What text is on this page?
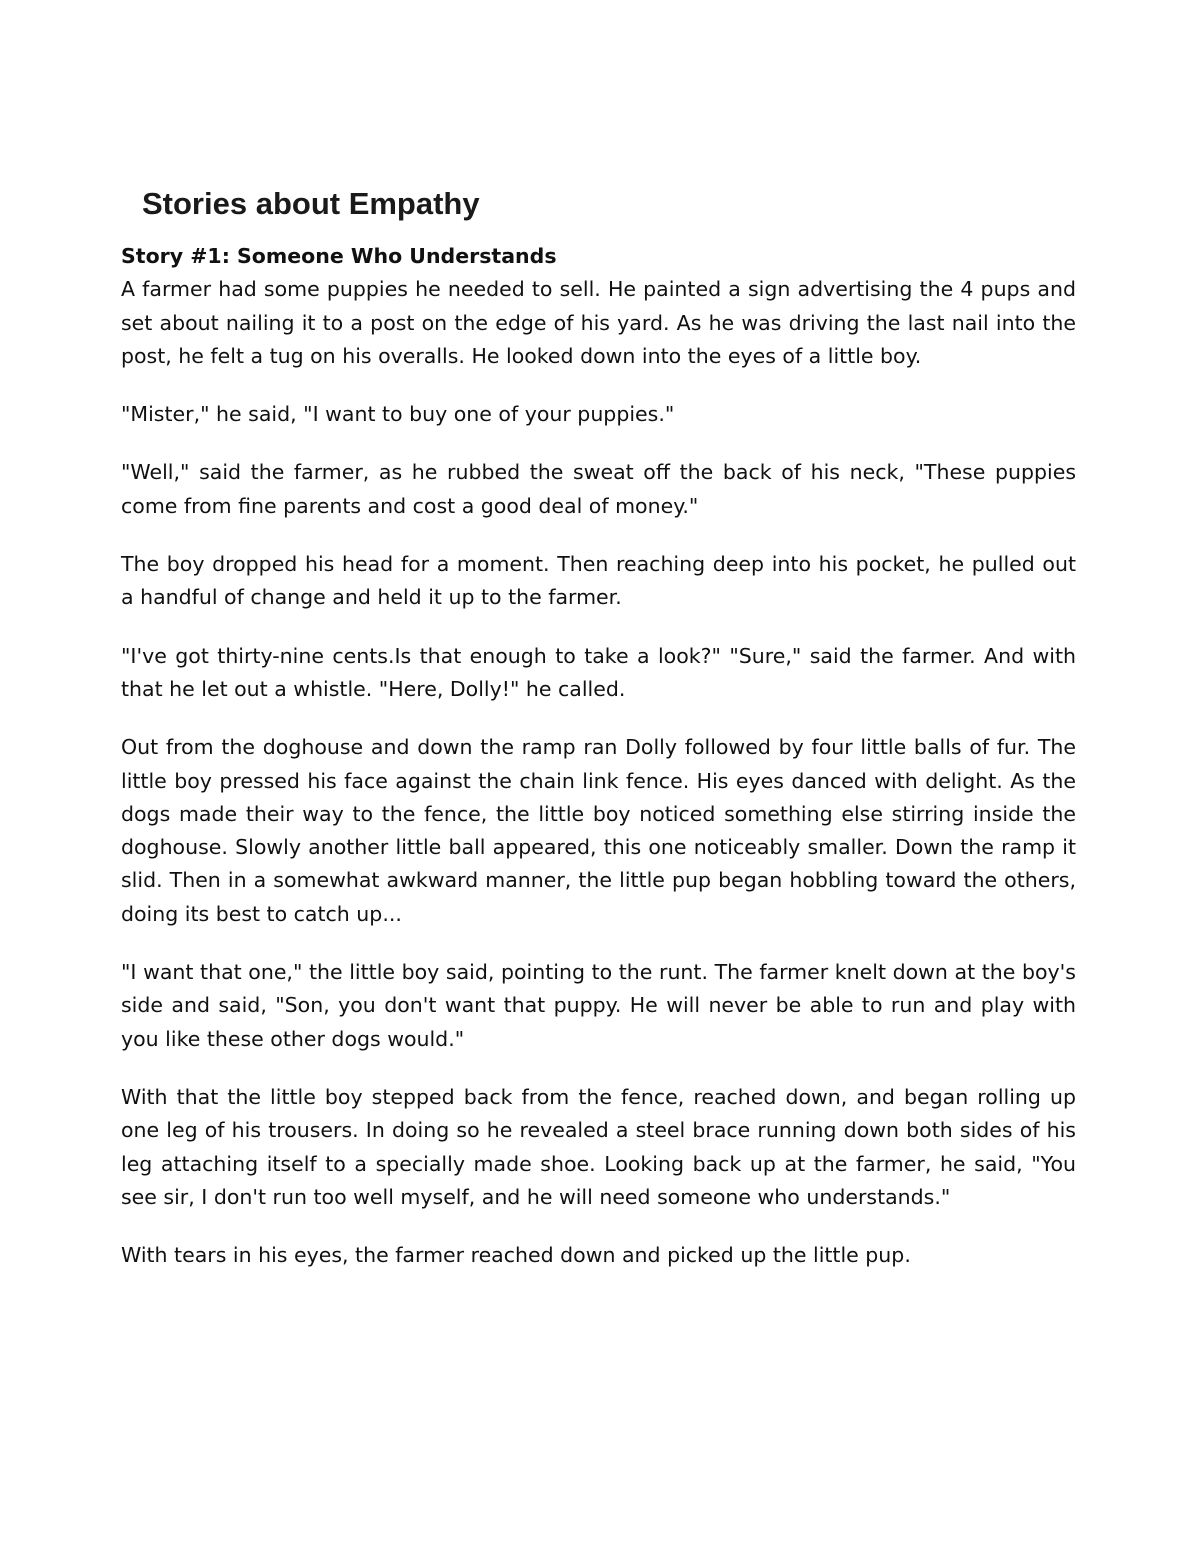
Stories about Empathy
Story #1: Someone Who Understands

A farmer had some puppies he needed to sell. He painted a sign advertising the 4 pups and set about nailing it to a post on the edge of his yard. As he was driving the last nail into the post, he felt a tug on his overalls. He looked down into the eyes of a little boy.

"Mister," he said, "I want to buy one of your puppies."

"Well," said the farmer, as he rubbed the sweat off the back of his neck, "These puppies come from fine parents and cost a good deal of money."

The boy dropped his head for a moment. Then reaching deep into his pocket, he pulled out a handful of change and held it up to the farmer.

"I've got thirty-nine cents.Is that enough to take a look?" "Sure," said the farmer. And with that he let out a whistle. "Here, Dolly!" he called.

Out from the doghouse and down the ramp ran Dolly followed by four little balls of fur. The little boy pressed his face against the chain link fence. His eyes danced with delight. As the dogs made their way to the fence, the little boy noticed something else stirring inside the doghouse. Slowly another little ball appeared, this one noticeably smaller. Down the ramp it slid. Then in a somewhat awkward manner, the little pup began hobbling toward the others, doing its best to catch up...

"I want that one," the little boy said, pointing to the runt. The farmer knelt down at the boy's side and said, "Son, you don't want that puppy. He will never be able to run and play with you like these other dogs would."

With that the little boy stepped back from the fence, reached down, and began rolling up one leg of his trousers. In doing so he revealed a steel brace running down both sides of his leg attaching itself to a specially made shoe. Looking back up at the farmer, he said, "You see sir, I don't run too well myself, and he will need someone who understands."

With tears in his eyes, the farmer reached down and picked up the little pup.
